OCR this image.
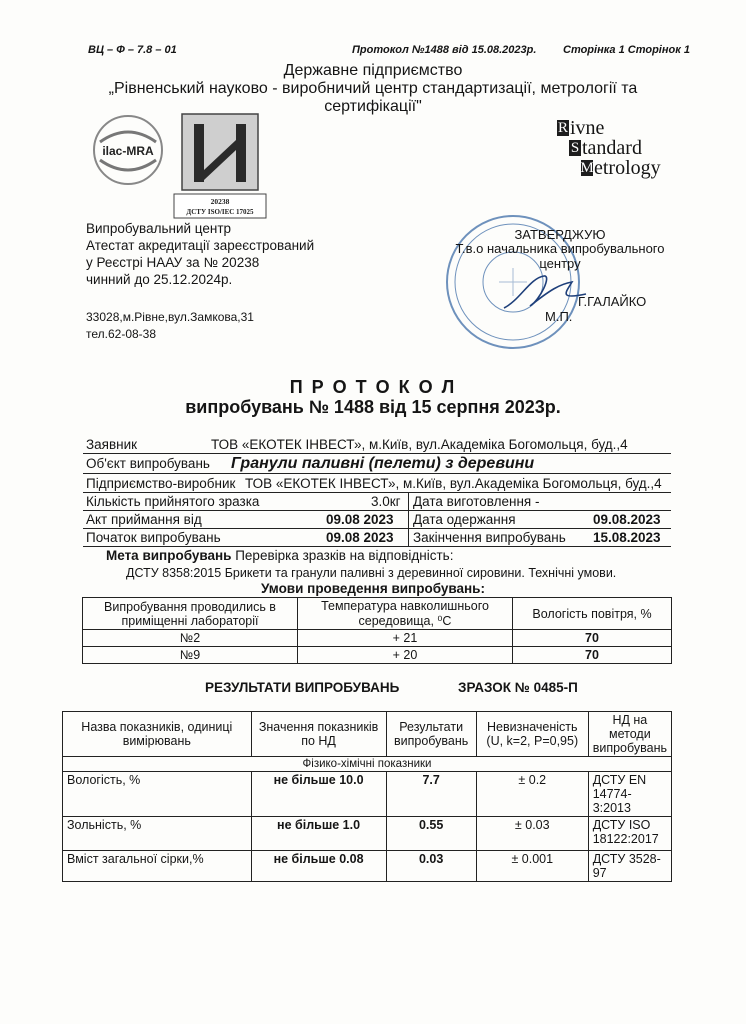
ВЦ – Ф – 7.8 – 01	Протокол №1488 від 15.08.2023р. Сторінка 1 Сторінок 1
Державне підприємство
„Рівненський науково - виробничий центр стандартизації, метрології та
сертифікації"
ilac-MRA
20238
ДСТУ ISO/IEC 17025
R ivne
S tandard
M etrology
Випробувальний центр
Атестат акредитації зареєстрований
у Реєстрі НААУ за № 20238
чинний до 25.12.2024р.
33028,м.Рівне,вул.Замкова,31
тел.62-08-38
ЗАТВЕРДЖУЮ
Т.в.о начальника випробувального
центру
Г.ГАЛАЙКО
М.П.
П Р О Т О К О Л
випробувань № 1488 від 15 серпня 2023р.
Заявник	ТОВ «ЕКОТЕК ІНВЕСТ», м.Київ, вул.Академіка Богомольця, буд.,4
Об'єкт випробувань Гранули паливні (пелети) з деревини
Підприємство-виробник ТОВ «ЕКОТЕК ІНВЕСТ», м.Київ, вул.Академіка Богомольця, буд.,4
Кількість прийнятого зразка	3.0кг Дата виготовлення -
Акт приймання від	09.08 2023 Дата одержання	09.08.2023
Початок випробувань	09.08 2023 Закінчення випробувань 15.08.2023
Мета випробувань Перевірка зразків на відповідність:
ДСТУ 8358:2015 Брикети та гранули паливні з деревинної сировини. Технічні умови.
Умови проведення випробувань:
Випробування проводились в приміщенні лабораторії	Температура навколишнього середовища, ⁰С	Вологість повітря, %
№2	+ 21	70
№9	+ 20	70
РЕЗУЛЬТАТИ ВИПРОБУВАНЬ	ЗРАЗОК № 0485-П
Назва показників, одиниці вимірювань	Значення показників по НД	Результати випробувань	Невизначеність (U, k=2, P=0,95)	НД на методи випробувань
Фізико-хімічні показники				
Вологість, %	не більше 10.0	7.7	± 0.2	ДСТУ EN 14774-3:2013
Зольність, %	не більше 1.0	0.55	± 0.03	ДСТУ ISO 18122:2017
Вміст загальної сірки,%	не більше 0.08	0.03	± 0.001	ДСТУ 3528-97
